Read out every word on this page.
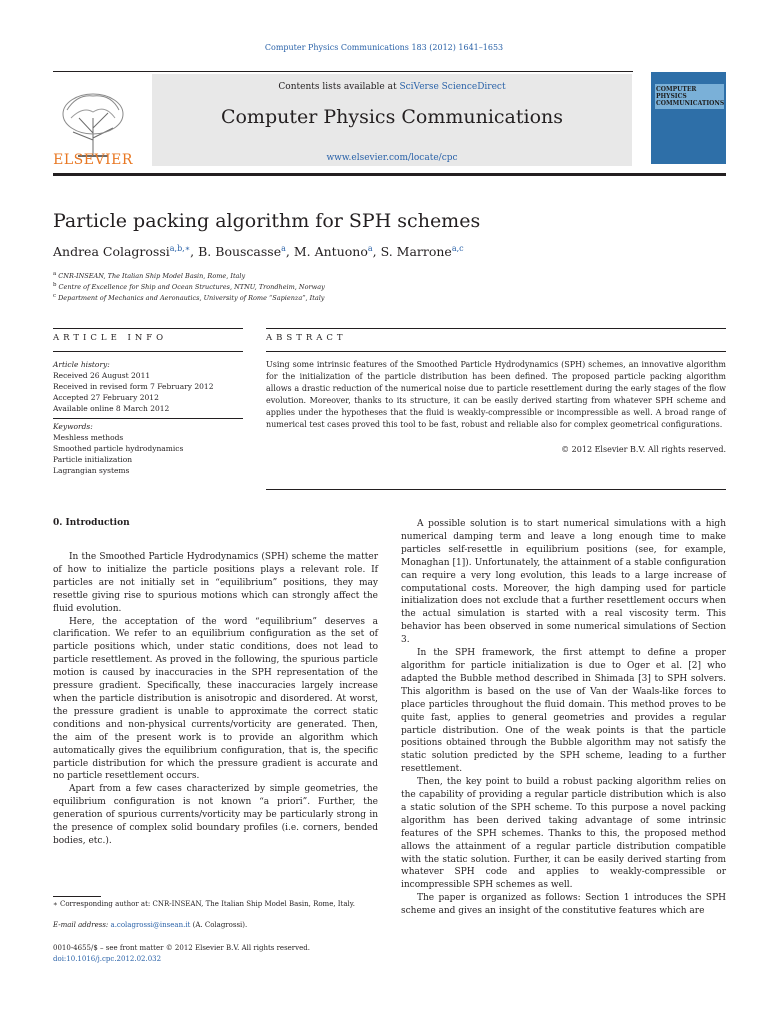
Computer Physics Communications 183 (2012) 1641–1653
ELSEVIER
Contents lists available at SciVerse ScienceDirect
Computer Physics Communications
www.elsevier.com/locate/cpc
COMPUTER PHYSICS COMMUNICATIONS
Particle packing algorithm for SPH schemes
Andrea Colagrossi$^{a,b,∗}$, B. Bouscasse$^a$, M. Antuono$^a$, S. Marrone$^{a,c}$
$^a$ CNR-INSEAN, The Italian Ship Model Basin, Rome, Italy
$^b$ Centre of Excellence for Ship and Ocean Structures, NTNU, Trondheim, Norway
$^c$ Department of Mechanics and Aeronautics, University of Rome “Sapienza”, Italy
ARTICLE INFO	ABSTRACT
Article history:
Received 26 August 2011
Received in revised form 7 February 2012
Accepted 27 February 2012
Available online 8 March 2012
Keywords:
Meshless methods
Smoothed particle hydrodynamics
Particle initialization
Lagrangian systems
Using some intrinsic features of the Smoothed Particle Hydrodynamics (SPH) schemes, an innovative algorithm for the initialization of the particle distribution has been defined. The proposed particle packing algorithm allows a drastic reduction of the numerical noise due to particle resettlement during the early stages of the flow evolution. Moreover, thanks to its structure, it can be easily derived starting from whatever SPH scheme and applies under the hypotheses that the fluid is weakly-compressible or incompressible as well. A broad range of numerical test cases proved this tool to be fast, robust and reliable also for complex geometrical configurations.
© 2012 Elsevier B.V. All rights reserved.
0. Introduction

In the Smoothed Particle Hydrodynamics (SPH) scheme the matter of how to initialize the particle positions plays a relevant role. If particles are not initially set in “equilibrium” positions, they may resettle giving rise to spurious motions which can strongly affect the fluid evolution.

Here, the acceptation of the word “equilibrium” deserves a clarification. We refer to an equilibrium configuration as the set of particle positions which, under static conditions, does not lead to particle resettlement. As proved in the following, the spurious particle motion is caused by inaccuracies in the SPH representation of the pressure gradient. Specifically, these inaccuracies largely increase when the particle distribution is anisotropic and disordered. At worst, the pressure gradient is unable to approximate the correct static conditions and non-physical currents/vorticity are generated. Then, the aim of the present work is to provide an algorithm which automatically gives the equilibrium configuration, that is, the specific particle distribution for which the pressure gradient is accurate and no particle resettlement occurs.

Apart from a few cases characterized by simple geometries, the equilibrium configuration is not known “a priori”. Further, the generation of spurious currents/vorticity may be particularly strong in the presence of complex solid boundary profiles (i.e. corners, bended bodies, etc.).

A possible solution is to start numerical simulations with a high numerical damping term and leave a long enough time to make particles self-resettle in equilibrium positions (see, for example, Monaghan [1]). Unfortunately, the attainment of a stable configuration can require a very long evolution, this leads to a large increase of computational costs. Moreover, the high damping used for particle initialization does not exclude that a further resettlement occurs when the actual simulation is started with a real viscosity term. This behavior has been observed in some numerical simulations of Section 3.

In the SPH framework, the first attempt to define a proper algorithm for particle initialization is due to Oger et al. [2] who adapted the Bubble method described in Shimada [3] to SPH solvers. This algorithm is based on the use of Van der Waals-like forces to place particles throughout the fluid domain. This method proves to be quite fast, applies to general geometries and provides a regular particle distribution. One of the weak points is that the particle positions obtained through the Bubble algorithm may not satisfy the static solution predicted by the SPH scheme, leading to a further resettlement.

Then, the key point to build a robust packing algorithm relies on the capability of providing a regular particle distribution which is also a static solution of the SPH scheme. To this purpose a novel packing algorithm has been derived taking advantage of some intrinsic features of the SPH schemes. Thanks to this, the proposed method allows the attainment of a regular particle distribution compatible with the static solution. Further, it can be easily derived starting from whatever SPH code and applies to weakly-compressible or incompressible SPH schemes as well.

The paper is organized as follows: Section 1 introduces the SPH scheme and gives an insight of the constitutive features which are

∗ Corresponding author at: CNR-INSEAN, The Italian Ship Model Basin, Rome, Italy.
E-mail address: a.colagrossi@insean.it (A. Colagrossi).
0010-4655/$ – see front matter © 2012 Elsevier B.V. All rights reserved.
doi:10.1016/j.cpc.2012.02.032
